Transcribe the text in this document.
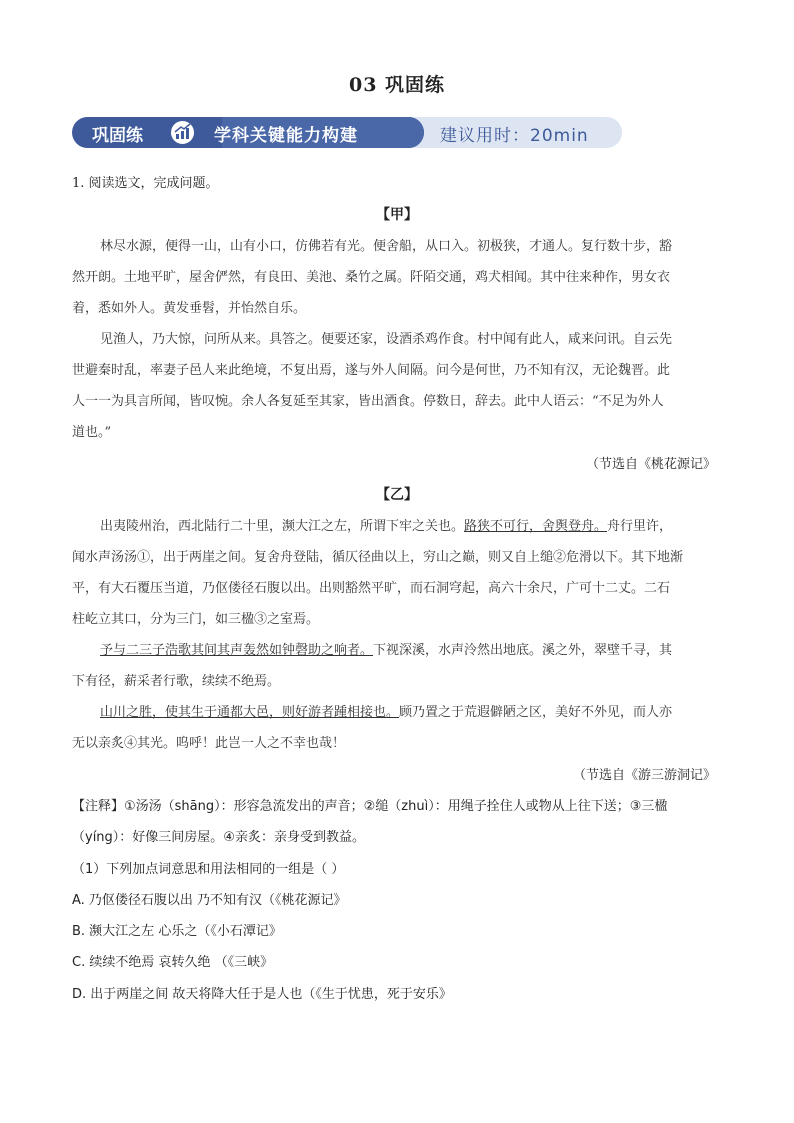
03 巩固练
巩固练	学科关键能力构建	建议用时：20min
1. 阅读选文，完成问题。
【甲】
林尽水源，便得一山，山有小口，仿佛若有光。便舍船，从口入。初极狭，才通人。复行数十步，豁
然开朗。土地平旷，屋舍俨然，有良田、美池、桑竹之属。阡陌交通，鸡犬相闻。其中往来种作，男女衣
着，悉如外人。黄发垂髫，并怡然自乐。
见渔人，乃大惊，问所从来。具答之。便要还家，设酒杀鸡作食。村中闻有此人，咸来问讯。自云先
世避秦时乱，率妻子邑人来此绝境，不复出焉，遂与外人间隔。问今是何世，乃不知有汉，无论魏晋。此
人一一为具言所闻，皆叹惋。余人各复延至其家，皆出酒食。停数日，辞去。此中人语云：“不足为外人
道也。”
（节选自《桃花源记》
【乙】
出夷陵州治，西北陆行二十里，濒大江之左，所谓下牢之关也。路狭不可行，舍舆登舟。舟行里许，
闻水声汤汤①，出于两崖之间。复舍舟登陆，循仄径曲以上，穷山之巅，则又自上缒②危滑以下。其下地渐
平，有大石覆压当道，乃伛偻径石腹以出。出则豁然平旷，而石洞穹起，高六十余尺，广可十二丈。二石
柱屹立其口，分为三门，如三楹③之室焉。
予与二三子浩歌其间其声轰然如钟磬助之响者。下视深溪，水声泠然出地底。溪之外，翠壁千寻，其
下有径，薪采者行歌，续续不绝焉。
山川之胜，使其生于通都大邑，则好游者踵相接也。顾乃置之于荒遐僻陋之区，美好不外见，而人亦
无以亲炙④其光。呜呼！此岂一人之不幸也哉！
（节选自《游三游洞记》
【注释】①汤汤（shāng）：形容急流发出的声音；②缒（zhuì）：用绳子拴住人或物从上往下送；③三楹
（yíng）：好像三间房屋。④亲炙：亲身受到教益。
（1）下列加点词意思和用法相同的一组是（ ）
A. 乃伛偻径石腹以出 乃不知有汉（《桃花源记》
B. 濒大江之左 心乐之（《小石潭记》
C. 续续不绝焉 哀转久绝 （《三峡》
D. 出于两崖之间 故天将降大任于是人也（《生于忧患，死于安乐》
